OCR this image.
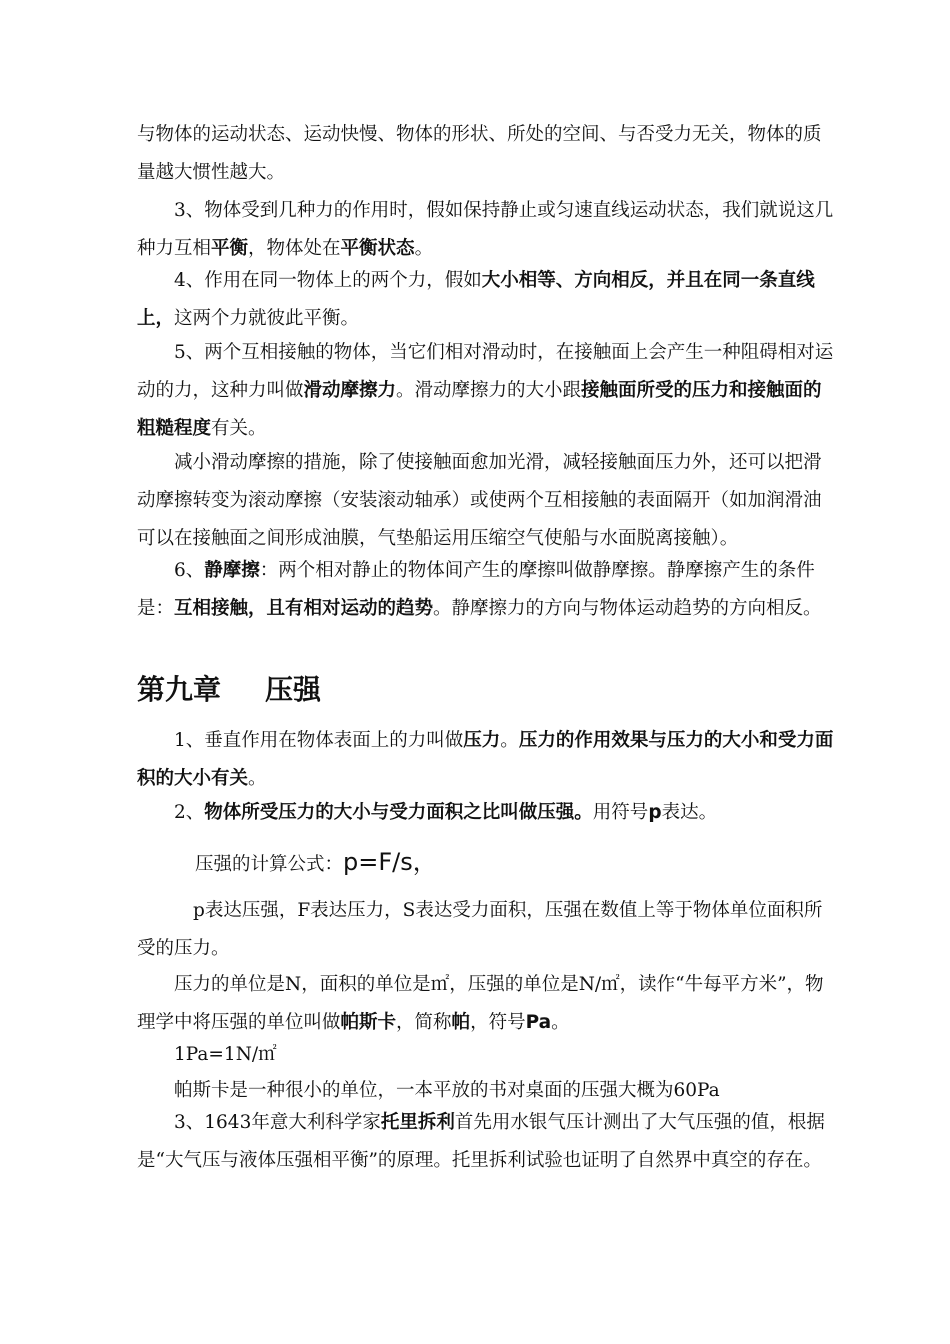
与物体的运动状态、运动快慢、物体的形状、所处的空间、与否受力无关，物体的质量越大惯性越大。

3、物体受到几种力的作用时，假如保持静止或匀速直线运动状态，我们就说这几种力互相平衡，物体处在平衡状态。

4、作用在同一物体上的两个力，假如大小相等、方向相反，并且在同一条直线上，这两个力就彼此平衡。

5、两个互相接触的物体，当它们相对滑动时，在接触面上会产生一种阻碍相对运动的力，这种力叫做滑动摩擦力。滑动摩擦力的大小跟接触面所受的压力和接触面的粗糙程度有关。

减小滑动摩擦的措施，除了使接触面愈加光滑，减轻接触面压力外，还可以把滑动摩擦转变为滚动摩擦（安装滚动轴承）或使两个互相接触的表面隔开（如加润滑油可以在接触面之间形成油膜，气垫船运用压缩空气使船与水面脱离接触）。

6、静摩擦：两个相对静止的物体间产生的摩擦叫做静摩擦。静摩擦产生的条件是：互相接触，且有相对运动的趋势。静摩擦力的方向与物体运动趋势的方向相反。

第九章 压强

1、垂直作用在物体表面上的力叫做压力。压力的作用效果与压力的大小和受力面积的大小有关。

2、物体所受压力的大小与受力面积之比叫做压强。用符号p表达。

压强的计算公式：p=F/s，

p表达压强，F表达压力，S表达受力面积，压强在数值上等于物体单位面积所受的压力。

压力的单位是N，面积的单位是㎡，压强的单位是N/㎡，读作“牛每平方米”，物理学中将压强的单位叫做帕斯卡，简称帕，符号Pa。

1Pa=1N/㎡

帕斯卡是一种很小的单位，一本平放的书对桌面的压强大概为60Pa

3、1643年意大利科学家托里拆利首先用水银气压计测出了大气压强的值，根据是“大气压与液体压强相平衡”的原理。托里拆利试验也证明了自然界中真空的存在。
